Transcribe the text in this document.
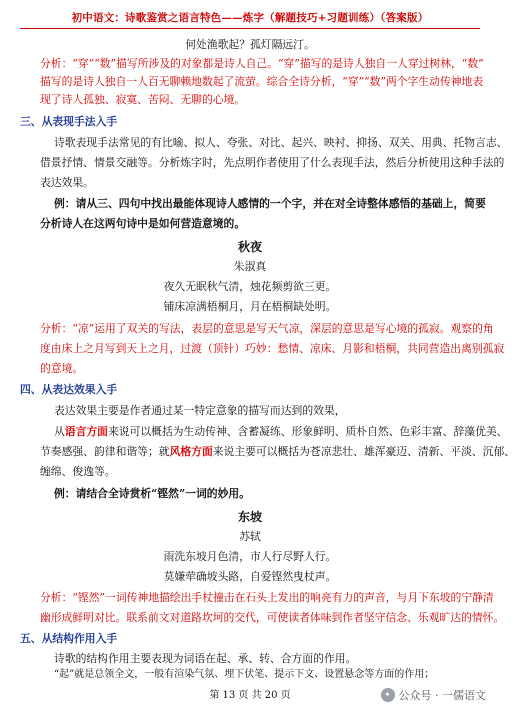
初中语文：诗歌鉴赏之语言特色——炼字（解题技巧+习题训练）（答案版）
何处渔歌起？孤灯隔远汀。
分析：“穿”“数”描写所涉及的对象都是诗人自己。“穿”描写的是诗人独自一人穿过树林，“数”
描写的是诗人独自一人百无聊赖地数起了流萤。综合全诗分析，“穿”“数”两个字生动传神地表
现了诗人孤独、寂寞、苦闷、无聊的心境。
三、从表现手法入手
诗歌表现手法常见的有比喻、拟人、夸张、对比、起兴、映衬、抑扬、双关、用典、托物言志、
借景抒情、情景交融等。分析炼字时，先点明作者使用了什么表现手法，然后分析使用这种手法的
表达效果。
例：请从三、四句中找出最能体现诗人感情的一个字，并在对全诗整体感悟的基础上，简要
分析诗人在这两句诗中是如何营造意境的。
秋夜
朱淑真
夜久无眠秋气清，烛花频剪欲三更。
铺床凉满梧桐月，月在梧桐缺处明。
分析：“凉”运用了双关的写法，表层的意思是写天气凉，深层的意思是写心境的孤寂。观察的角
度由床上之月写到天上之月，过渡（顶针）巧妙：愁情、凉床、月影和梧桐，共同营造出离别孤寂
的意境。
四、从表达效果入手
表达效果主要是作者通过某一特定意象的描写而达到的效果，
从语言方面来说可以概括为生动传神、含蓄凝练、形象鲜明、质朴自然、色彩丰富、辞藻优美、
节奏感强、韵律和谐等；就风格方面来说主要可以概括为苍凉悲壮、雄浑豪迈、清新、平淡、沉郁、
缠绵、俊逸等。
例：请结合全诗赏析“铿然”一词的妙用。
东坡
苏轼
雨洗东坡月色清，市人行尽野人行。
莫嫌荦确坡头路，自爱铿然曳杖声。
分析：“铿然”一词传神地描绘出手杖撞击在石头上发出的响亮有力的声音，与月下东坡的宁静清
幽形成鲜明对比。联系前文对道路坎坷的交代，可使读者体味到作者坚守信念、乐观旷达的情怀。
五、从结构作用入手
诗歌的结构作用主要表现为词语在起、承、转、合方面的作用。
“起”就是总领全文，一般有渲染气氛、埋下伏笔、提示下文、设置悬念等方面的作用；
第 13 页 共 20 页	✦ 公众号 · 一儒语文
